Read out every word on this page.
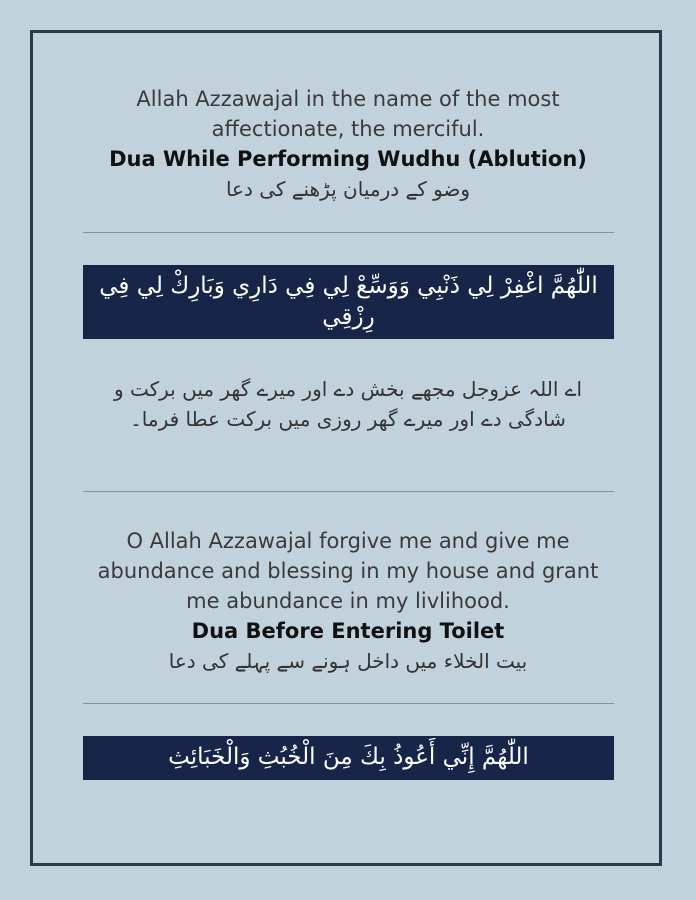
Allah Azzawajal in the name of the most affectionate, the merciful.
Dua While Performing Wudhu (Ablution)
وضو کے درمیان پڑھنے کی دعا
اللّٰهُمَّ اغْفِرْ لِي ذَنْبِي وَوَسِّعْ لِي فِي دَارِي وَبَارِكْ لِي فِي رِزْقِي
اے اللہ عزوجل مجھے بخش دے اور میرے گھر میں برکت و شادگی دے اور میرے گھر روزی میں برکت عطا فرما۔
O Allah Azzawajal forgive me and give me abundance and blessing in my house and grant me abundance in my livlihood.
Dua Before Entering Toilet
بیت الخلاء میں داخل ہونے سے پہلے کی دعا
اللّٰهُمَّ إِنِّي أَعُوذُ بِكَ مِنَ الْخُبُثِ وَالْخَبَائِثِ
